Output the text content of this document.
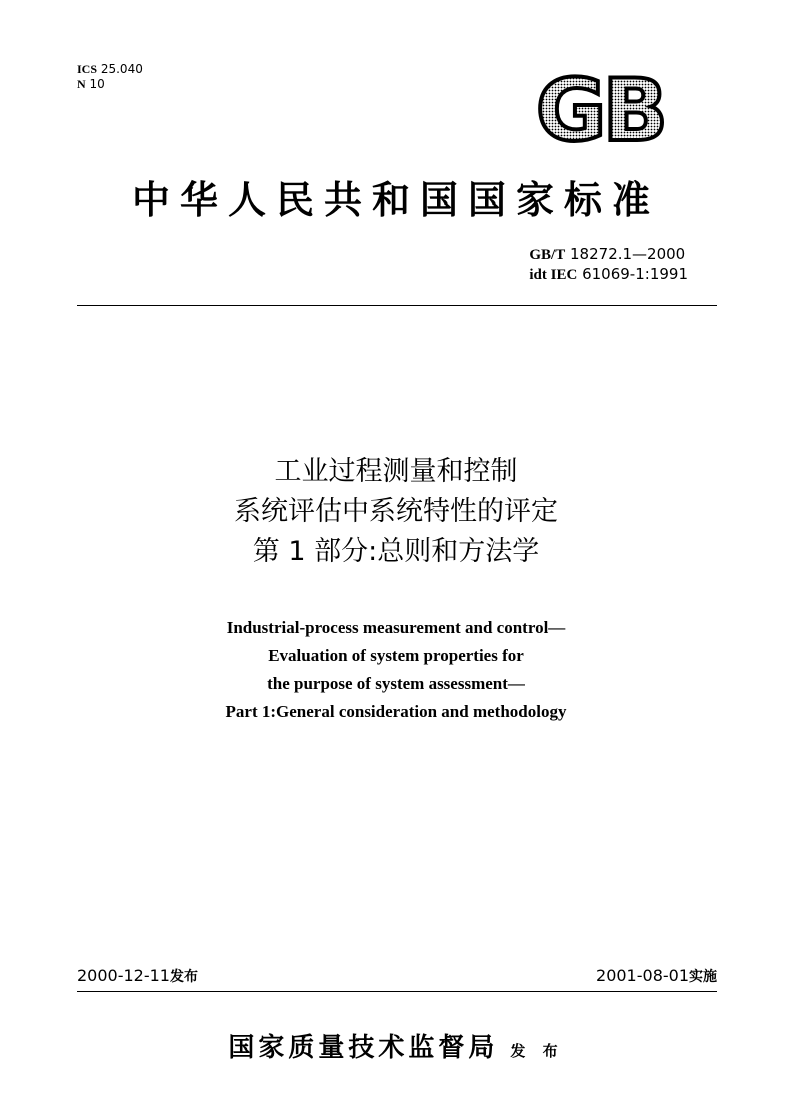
ICS 25.040
N 10	GB
中华人民共和国国家标准
GB/T 18272.1—2000
idt IEC 61069-1:1991
工业过程测量和控制
系统评估中系统特性的评定
第 1 部分:总则和方法学
Industrial-process measurement and control—
Evaluation of system properties for
the purpose of system assessment—
Part 1:General consideration and methodology
2000-12-11发布	2001-08-01实施
国家质量技术监督局 发 布
